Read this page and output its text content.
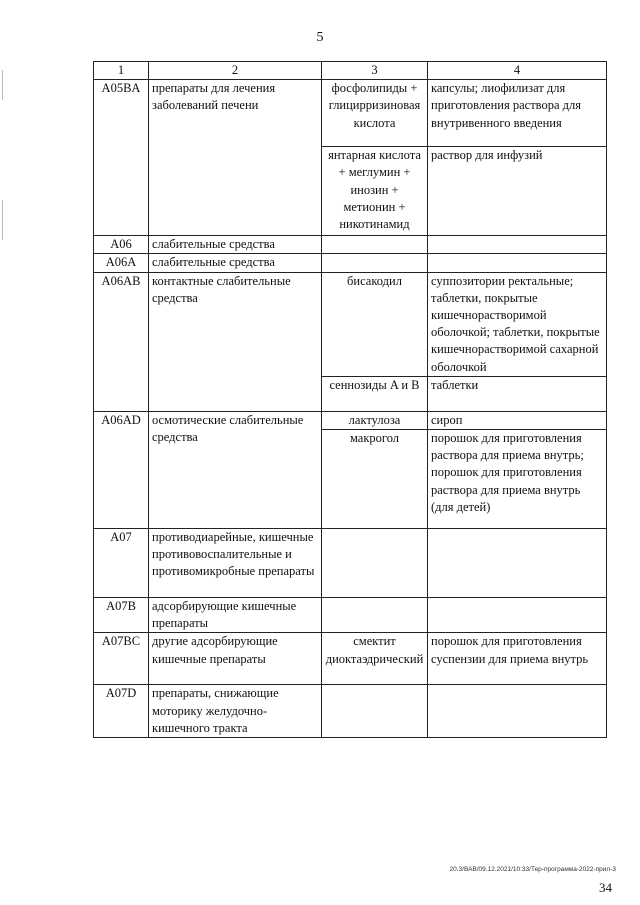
5
1	2	3	4
A05BA	препараты для лечения заболеваний печени	фосфолипиды + глицирризиновая кислота	капсулы; лиофилизат для приготовления раствора для внутривенного введения
		янтарная кислота + меглумин + инозин + метионин + никотинамид	раствор для инфузий
A06	слабительные средства		
A06A	слабительные средства		
A06AB	контактные слабительные средства	бисакодил	суппозитории ректальные; таблетки, покрытые кишечнорастворимой оболочкой; таблетки, покрытые кишечнорастворимой сахарной оболочкой
		сеннозиды A и B	таблетки
A06AD	осмотические слабительные средства	лактулоза	сироп
		макрогол	порошок для приготовления раствора для приема внутрь; порошок для приготовления раствора для приема внутрь (для детей)
A07	противодиарейные, кишечные противовоспалительные и противомикробные препараты		
A07B	адсорбирующие кишечные препараты		
A07BC	другие адсорбирующие кишечные препараты	смектит диоктаэдрический	порошок для приготовления суспензии для приема внутрь
A07D	препараты, снижающие моторику желудочно-кишечного тракта		
20.3/ВАВ/09.12.2021/10:33/Тер-программа-2022-прил-3
34
